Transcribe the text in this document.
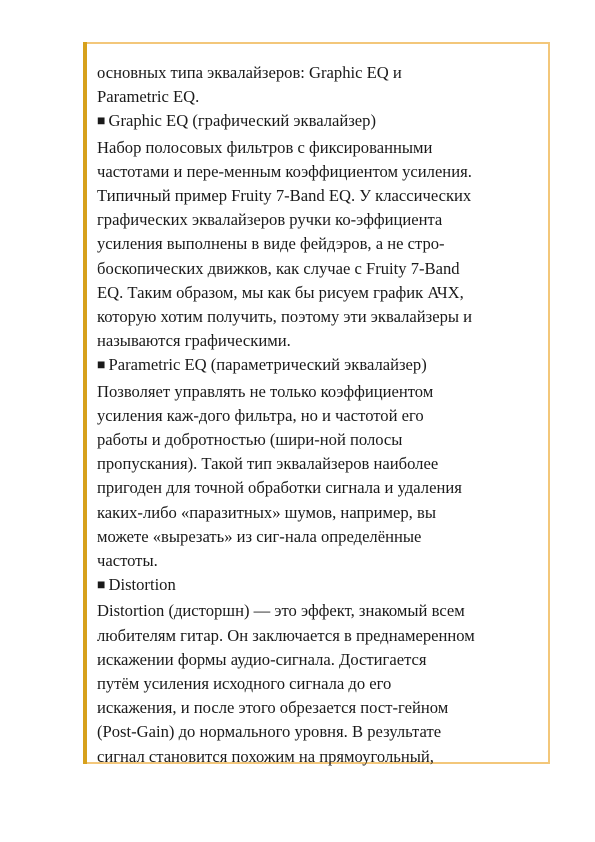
основных типа эквалайзеров: Graphic EQ и
Parametric EQ.
■ Graphic EQ (графический эквалайзер)
Набор полосовых фильтров с фиксированными
частотами и пере-менным коэффициентом усиления.
Типичный пример Fruity 7-Band EQ. У классических
графических эквалайзеров ручки ко-эффициента
усиления выполнены в виде фейдэров, а не стро-
боскопических движков, как случае с Fruity 7-Band
EQ. Таким образом, мы как бы рисуем график АЧХ,
которую хотим получить, поэтому эти эквалайзеры и
называются графическими.
■ Parametric EQ (параметрический эквалайзер)
Позволяет управлять не только коэффициентом
усиления каж-дого фильтра, но и частотой его
работы и добротностью (шири-ной полосы
пропускания). Такой тип эквалайзеров наиболее
пригоден для точной обработки сигнала и удаления
каких-либо «паразитных» шумов, например, вы
можете «вырезать» из сиг-нала определённые
частоты.
■ Distortion
Distortion (дисторшн) — это эффект, знакомый всем
любителям гитар. Он заключается в преднамеренном
искажении формы аудио-сигнала. Достигается
путём усиления исходного сигнала до его
искажения, и после этого обрезается пост-гейном
(Post-Gain) до нормального уровня. В результате
сигнал становится похожим на прямоугольный,
